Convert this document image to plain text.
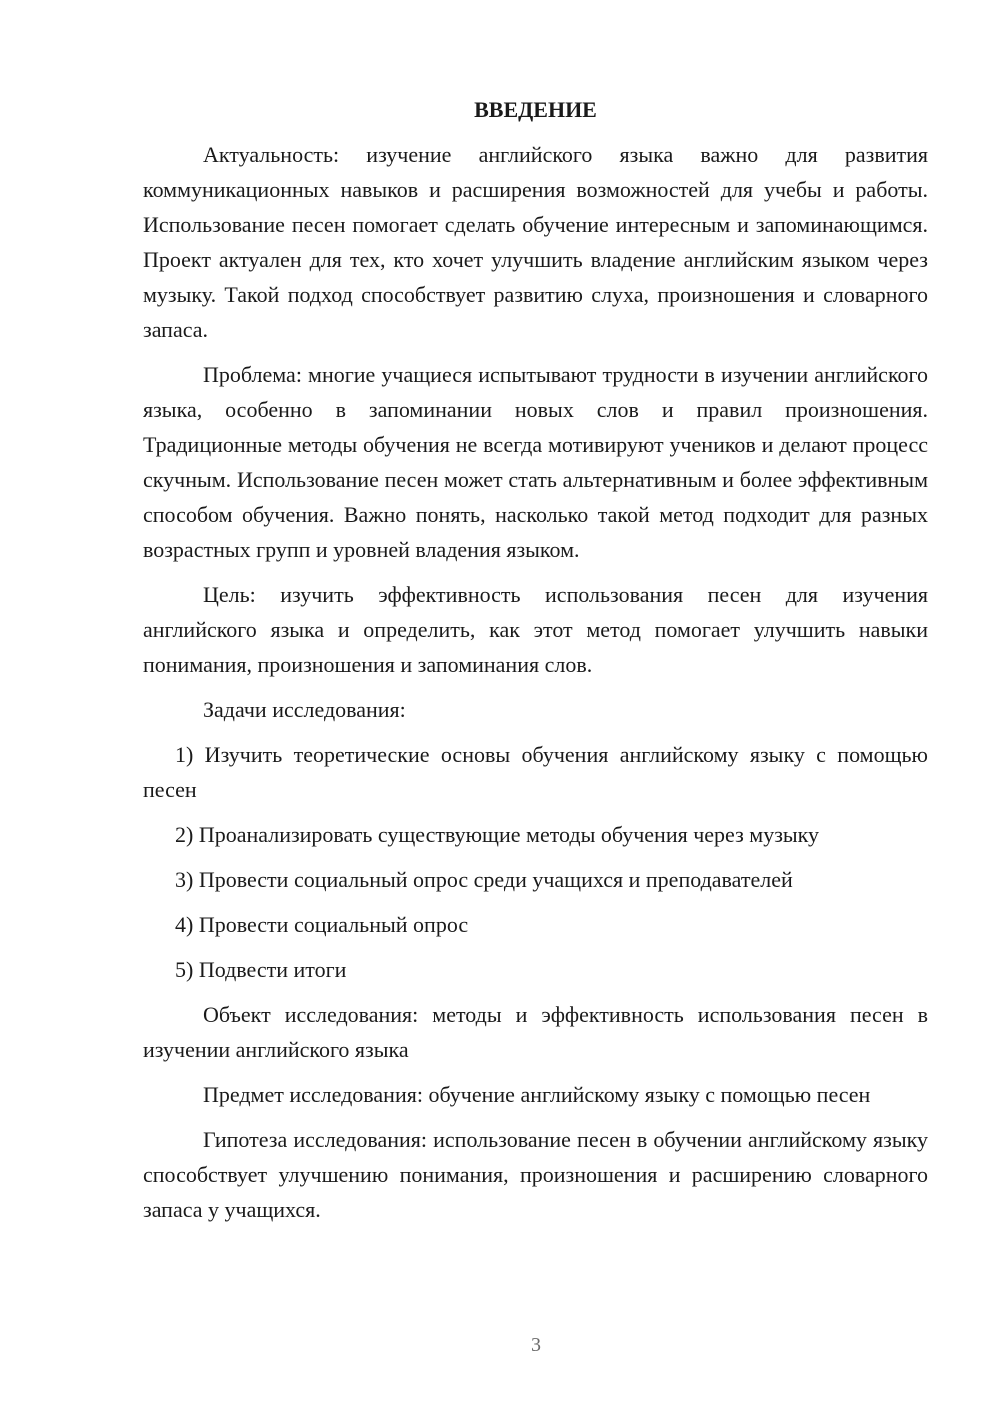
ВВЕДЕНИЕ

Актуальность: изучение английского языка важно для развития коммуникационных навыков и расширения возможностей для учебы и работы. Использование песен помогает сделать обучение интересным и запоминающимся. Проект актуален для тех, кто хочет улучшить владение английским языком через музыку. Такой подход способствует развитию слуха, произношения и словарного запаса.

Проблема: многие учащиеся испытывают трудности в изучении английского языка, особенно в запоминании новых слов и правил произношения. Традиционные методы обучения не всегда мотивируют учеников и делают процесс скучным. Использование песен может стать альтернативным и более эффективным способом обучения. Важно понять, насколько такой метод подходит для разных возрастных групп и уровней владения языком.

Цель: изучить эффективность использования песен для изучения английского языка и определить, как этот метод помогает улучшить навыки понимания, произношения и запоминания слов.

Задачи исследования:

1) Изучить теоретические основы обучения английскому языку с помощью песен

2) Проанализировать существующие методы обучения через музыку

3) Провести социальный опрос среди учащихся и преподавателей

4) Провести социальный опрос

5) Подвести итоги

Объект исследования: методы и эффективность использования песен в изучении английского языка

Предмет исследования: обучение английскому языку с помощью песен

Гипотеза исследования: использование песен в обучении английскому языку способствует улучшению понимания, произношения и расширению словарного запаса у учащихся.

3
